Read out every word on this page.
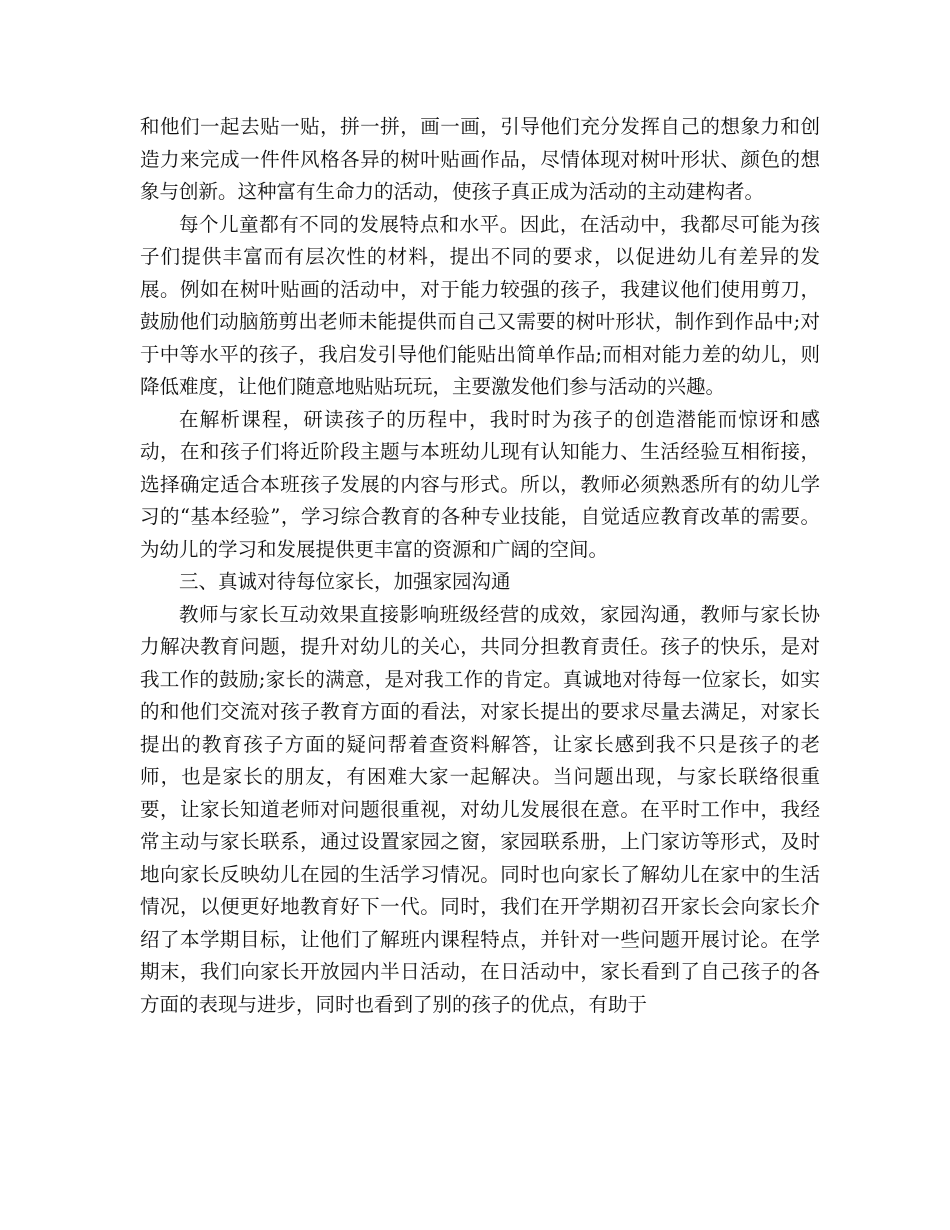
和他们一起去贴一贴，拼一拼，画一画，引导他们充分发挥自己的想象力和创造力来完成一件件风格各异的树叶贴画作品，尽情体现对树叶形状、颜色的想象与创新。这种富有生命力的活动，使孩子真正成为活动的主动建构者。

每个儿童都有不同的发展特点和水平。因此，在活动中，我都尽可能为孩子们提供丰富而有层次性的材料，提出不同的要求，以促进幼儿有差异的发展。例如在树叶贴画的活动中，对于能力较强的孩子，我建议他们使用剪刀，鼓励他们动脑筋剪出老师未能提供而自己又需要的树叶形状，制作到作品中;对于中等水平的孩子，我启发引导他们能贴出简单作品;而相对能力差的幼儿，则降低难度，让他们随意地贴贴玩玩，主要激发他们参与活动的兴趣。

在解析课程，研读孩子的历程中，我时时为孩子的创造潜能而惊讶和感动，在和孩子们将近阶段主题与本班幼儿现有认知能力、生活经验互相衔接，选择确定适合本班孩子发展的内容与形式。所以，教师必须熟悉所有的幼儿学习的“基本经验”，学习综合教育的各种专业技能，自觉适应教育改革的需要。为幼儿的学习和发展提供更丰富的资源和广阔的空间。

三、真诚对待每位家长，加强家园沟通

教师与家长互动效果直接影响班级经营的成效，家园沟通，教师与家长协力解决教育问题，提升对幼儿的关心，共同分担教育责任。孩子的快乐，是对我工作的鼓励;家长的满意，是对我工作的肯定。真诚地对待每一位家长，如实的和他们交流对孩子教育方面的看法，对家长提出的要求尽量去满足，对家长提出的教育孩子方面的疑问帮着查资料解答，让家长感到我不只是孩子的老师，也是家长的朋友，有困难大家一起解决。当问题出现，与家长联络很重要，让家长知道老师对问题很重视，对幼儿发展很在意。在平时工作中，我经常主动与家长联系，通过设置家园之窗，家园联系册，上门家访等形式，及时地向家长反映幼儿在园的生活学习情况。同时也向家长了解幼儿在家中的生活情况，以便更好地教育好下一代。同时，我们在开学期初召开家长会向家长介绍了本学期目标，让他们了解班内课程特点，并针对一些问题开展讨论。在学期末，我们向家长开放园内半日活动，在日活动中，家长看到了自己孩子的各方面的表现与进步，同时也看到了别的孩子的优点，有助于
